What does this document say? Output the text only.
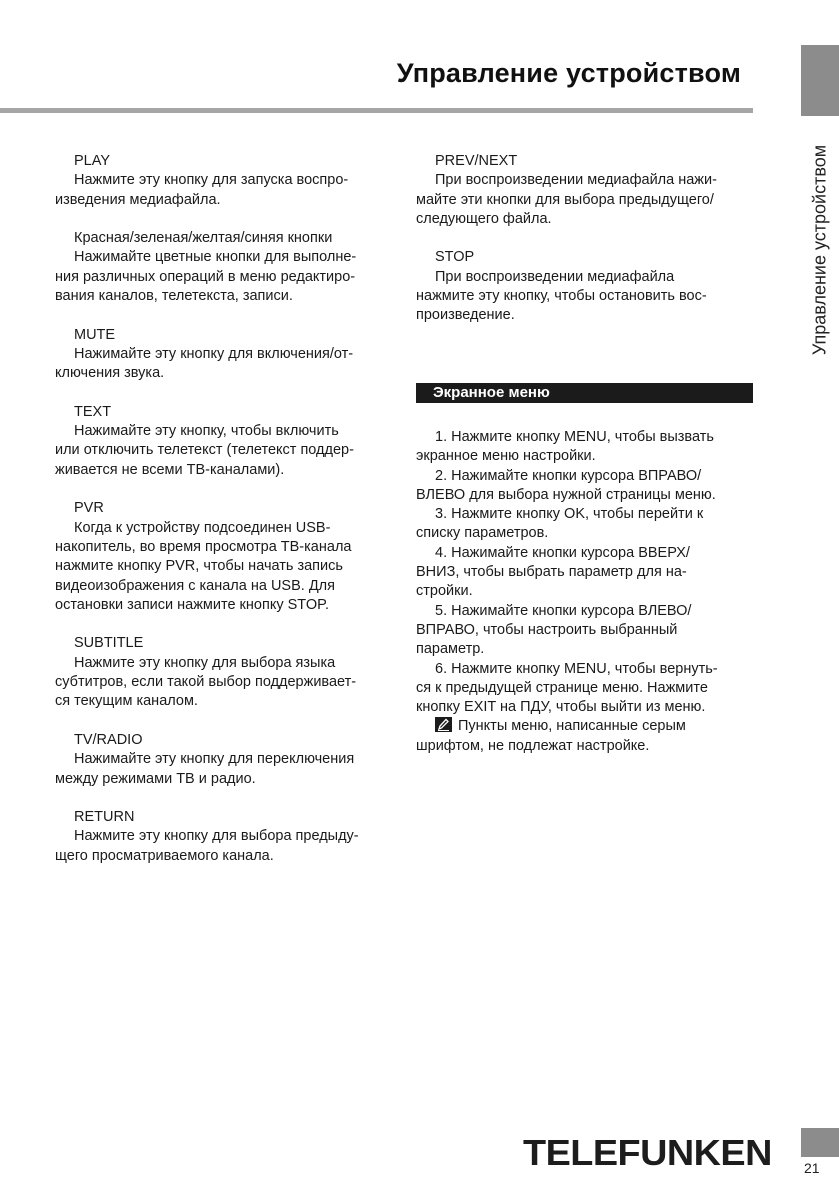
Управление устройством
Управление устройством
PLAY
Нажмите эту кнопку для запуска воспро-
изведения медиафайла.
Красная/зеленая/желтая/синяя кнопки
Нажимайте цветные кнопки для выполне-
ния различных операций в меню редактиро-
вания каналов, телетекста, записи.
MUTE
Нажимайте эту кнопку для включения/от-
ключения звука.
TEXT
Нажимайте эту кнопку, чтобы включить
или отключить телетекст (телетекст поддер-
живается не всеми ТВ-каналами).
PVR
Когда к устройству подсоединен USB-
накопитель, во время просмотра ТВ-канала
нажмите кнопку PVR, чтобы начать запись
видеоизображения с канала на USB. Для
остановки записи нажмите кнопку STOP.
SUBTITLE
Нажмите эту кнопку для выбора языка
субтитров, если такой выбор поддерживает-
ся текущим каналом.
TV/RADIO
Нажимайте эту кнопку для переключения
между режимами ТВ и радио.
RETURN
Нажмите эту кнопку для выбора предыду-
щего просматриваемого канала.
PREV/NEXT
При воспроизведении медиафайла нажи-
майте эти кнопки для выбора предыдущего/
следующего файла.
STOP
При воспроизведении медиафайла
нажмите эту кнопку, чтобы остановить вос-
произведение.
Экранное меню
1. Нажмите кнопку MENU, чтобы вызвать
экранное меню настройки.
2. Нажимайте кнопки курсора ВПРАВО/
ВЛЕВО для выбора нужной страницы меню.
3. Нажмите кнопку OK, чтобы перейти к
списку параметров.
4. Нажимайте кнопки курсора ВВЕРХ/
ВНИЗ, чтобы выбрать параметр для на-
стройки.
5. Нажимайте кнопки курсора ВЛЕВО/
ВПРАВО, чтобы настроить выбранный
параметр.
6. Нажмите кнопку MENU, чтобы вернуть-
ся к предыдущей странице меню. Нажмите
кнопку EXIT на ПДУ, чтобы выйти из меню.
Пункты меню, написанные серым
шрифтом, не подлежат настройке.
TELEFUNKEN 21
